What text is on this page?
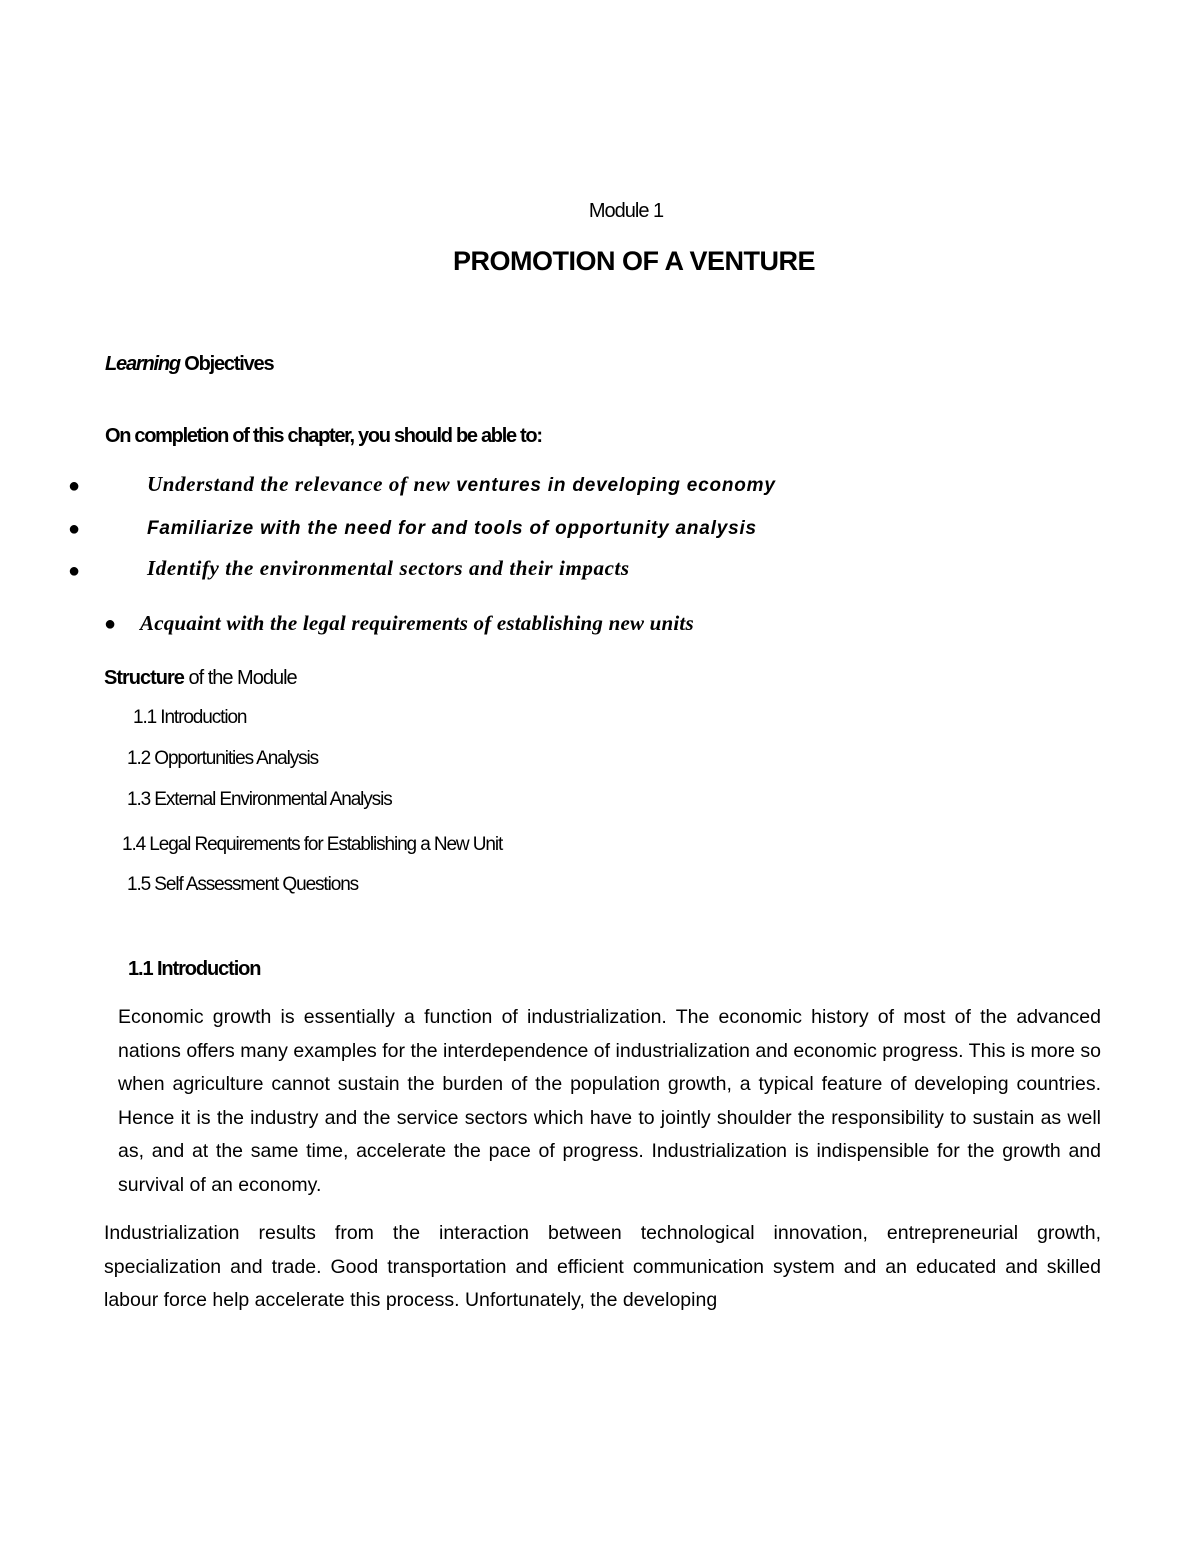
Module 1
PROMOTION OF A VENTURE
Learning Objectives
On completion of this chapter, you should be able to:
●	Understand the relevance of new ventures in developing economy
●	Familiarize with the need for and tools of opportunity analysis
●	Identify the environmental sectors and their impacts
● Acquaint with the legal requirements of establishing new units
Structure of the Module
1.1 Introduction
1.2 Opportunities Analysis
1.3 External Environmental Analysis
1.4 Legal Requirements for Establishing a New Unit
1.5 Self Assessment Questions
1.1 Introduction

Economic growth is essentially a function of industrialization. The economic history of most of the advanced nations offers many examples for the interdependence of industrialization and economic progress. This is more so when agriculture cannot sustain the burden of the population growth, a typical feature of developing countries. Hence it is the industry and the service sectors which have to jointly shoulder the responsibility to sustain as well as, and at the same time, accelerate the pace of progress. Industrialization is indispensible for the growth and survival of an economy.

Industrialization results from the interaction between technological innovation, entrepreneurial growth, specialization and trade. Good transportation and efficient communication system and an educated and skilled labour force help accelerate this process. Unfortunately, the developing
